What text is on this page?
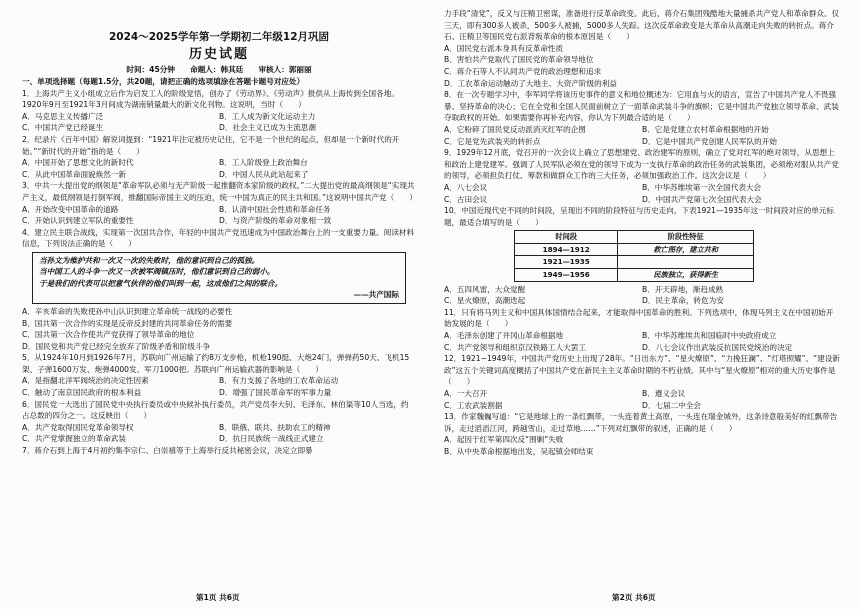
2024～2025学年第一学期初二年级12月巩固
历史试题
时间：45分钟　　命题人：韩其廷　　审核人：郭丽丽
一、单项选择题（每题1.5分，共20题，请把正确的选项填涂在答题卡题号对应处）

1．上海共产主义小组成立后作为启发工人的阶级觉悟，创办了《劳动界》、《劳动声》报供从上海传到全国各地。1920年9月至1921年3月间成为湖南销量最大的新文化刊物。这说明，当时（　　）

A．马克思主义传播广泛	B．工人成为新文化运动主力
C．中国共产党已经诞生	D．社会主义已成为主流思潮

2．纪录片《百年中国》解说词提到：“1921年注定被历史记住，它不是一个世纪的起点，但却是一个新时代的开始。”“新时代的开始”指的是（　　）

A．中国开始了思想文化的新时代	B．工人阶级登上政治舞台
C．从此中国革命面貌焕然一新	D．中国人民从此站起来了

3．中共一大提出党的纲领是“革命军队必须与无产阶级一起推翻资本家阶级的政权。”二大提出党的最高纲领是“实现共产主义，最低纲领是打倒军阀，推翻国际帝国主义的压迫，统一中国为真正的民主共和国。”这说明中国共产党（　　）

A．开始改变中国革命的道路	B．认清中国社会性质和革命任务
C．开始认识到建立军队的重要性	D．与资产阶级的革命对象相一致

4．建立民主联合战线，实现第一次国共合作，年轻的中国共产党迅速成为中国政治舞台上的一支重要力量。阅读材料信息，下列说法正确的是（　　）

当孙文为维护共和一次又一次的失败时，他的意识到自己的孤独。
当中国工人的斗争一次又一次被军阀镇压时，他们意识到自己的弱小。
于是我们的代表可以把意气伙伴的他们叫到一起，这成他们之间的联合。
——共产国际
A．辛亥革命的失败使孙中山认识到建立革命统一战线的必要性
B．国共第一次合作的实现是反帝反封建的共同革命任务的需要
C．国共第一次合作使共产党获得了领导革命的地位
D．国民党和共产党已经完全放弃了阶级矛盾和阶级斗争

5．从1924年10月到1926年7月，苏联向广州运输了约8万支步枪，机枪190挺、大炮24门，弹弹药50天、飞机15架、子弹1600万发、炮弹4000发、军刀1000把。苏联向广州运输武器的影响是（　　）

A．是指翻北洋军阀统治的决定性因素	B．有力支援了各地的工农革命运动
C．触动了南京国民政府的根本利益	D．增强了国民革命军的军事力量

6．国民党一大选出了国民党中央执行委员或中央候补执行委员，共产党员李大钊、毛泽东、林伯渠等10人当选，约占总数的四分之一。这反映出（　　）

A．共产党取得国民党革命领导权	B．联俄、联共、扶助农工的精神
C．共产党掌握独立的革命武装	D．抗日民族统一战线正式建立

7．蒋介石到上海于4月初约集李宗仁、白崇禧等于上海举行反共秘密会议，决定立即暴

力手段“清党”，反又与汪精卫密谋，准备进行反革命政变。此后，蒋介石集团残酷地大量捕杀共产党人和革命群众。仅三天，即有300多人被杀，500多人被捕，5000多人失踪。这次反革命政变是大革命从高潮走向失败的转折点。蒋介石、汪精卫等国民党右派背叛革命的根本原因是（　　）

A．国民党右派本身具有反革命性质
B．害怕共产党取代了国民党的革命领导地位
C．蒋介石等人不认同共产党的政治理想和追求
D．工农革命运动触动了大地主、大资产阶级的利益

8．在一次专题学习中，李军同学将该历史事件的意义和地位概述为：它用血与火的语言，宣告了中国共产党人不畏强暴、坚持革命的决心；它在全党和全国人民面前树立了一面革命武装斗争的旗帜；它是中国共产党独立领导革命、武装夺取政权的开始。如果需要你再补充内容，你认为下列最合适的是（　　）

A．它粉碎了国民党反动派消灭红军的企图	B．它是党建立农村革命根据地的开始
C．它是党先武装夹的转折点	D．它是中国共产党创建人民军队的开始

9．1929年12月底，党召开的一次会议上确立了思想建党、政治建军的原则，确立了党对红军的绝对领导，从思想上和政治上建党建军。强调了人民军队必须在党的领导下成为一支执行革命的政治任务的武装集团，必须绝对服从共产党的领导，必须担负打仗、筹款和做群众工作的三大任务，必须加强政治工作。这次会议是（　　）

A．八七会议	B．中华苏维埃第一次全国代表大会
C．古田会议	D．中国共产党第七次全国代表大会

10．中国近现代史不同的时间段，呈现出不同的阶段特征与历史走向，下表1921—1935年这一时间段对应的单元标题，最适合填写的是（　　）

时间段	阶段性特征
1894—1912	救亡图存，建立共和
1921—1935	
1949—1956	民族独立，获得新生
A．五四风雷，大众觉醒	B．开天辟地，渐趋成熟
C．星火燎原，高潮迭起	D．民主革命，转危为安

11．只有将马列主义和中国具体国情结合起来，才能取得中国革命的胜利。下列选项中，体现马列主义在中国初始开始发展的是（　　）

A．毛泽东创建了井冈山革命根据地	B．中华苏维埃共和国临时中央政府成立
C．共产党领导和组织京汉铁路工人大罢工	D．八七会议作出武装反抗国民党统治的决定

12．1921~1949年，中国共产党历史上出现了28年。“日出东方”、“星火燎原”、“力挽狂澜”、“灯塔照耀”、“建设新政”这五个关键词高度概括了中国共产党在新民主主义革命时期的不朽业绩。其中与“星火燎原”相对的重大历史事件是（　　）

A．一大召开	B．遵义会议
C．工农武装割据	D．七届二中全会

13．作家魏巍写道：“它是地球上的一条红飘带，一头连着黄土高原，一头连在瑞金城外，这条诗意般美好的红飘带告诉，走过滔滔江河，跨越雪山，走过草地……”下列对红飘带的叙述，正确的是（　　）

A．起因于红军第四次反“围剿”失败
B．从中央革命根据地出发，吴起镇会师结束
第1页 共6页	第2页 共6页
